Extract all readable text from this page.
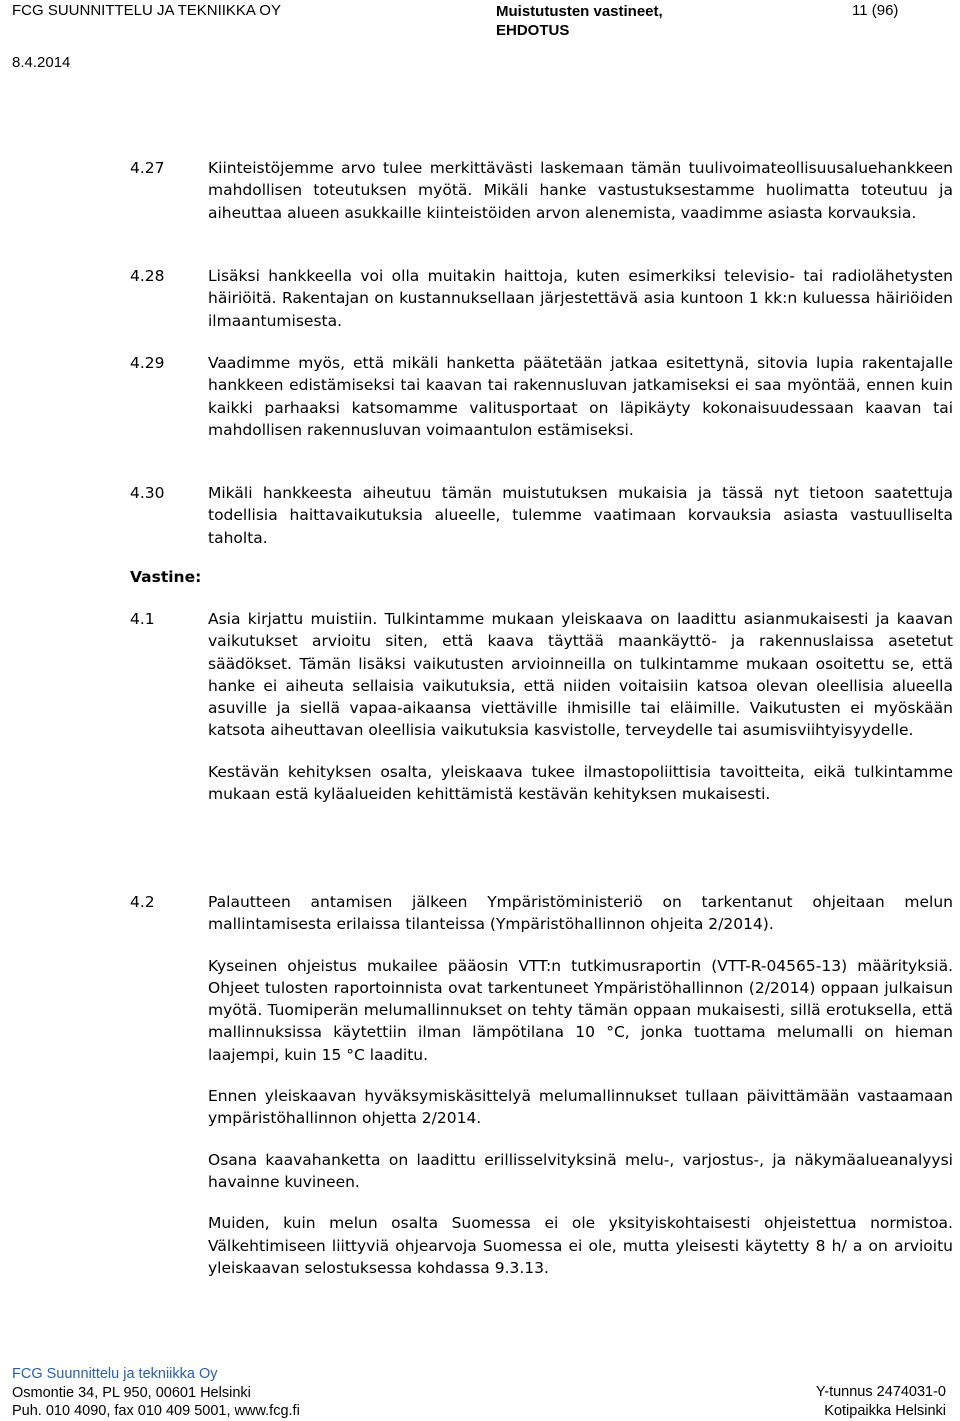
FCG SUUNNITTELU JA TEKNIIKKA OY	Muistutusten vastineet,
EHDOTUS
11 (96)
8.4.2014
4.27	Kiinteistöjemme arvo tulee merkittävästi laskemaan tämän tuulivoimateollisuusaluehankkeen mahdollisen toteutuksen myötä. Mikäli hanke vastustuksestamme huolimatta toteutuu ja aiheuttaa alueen asukkaille kiinteistöiden arvon alenemista, vaadimme asiasta korvauksia.

4.28	Lisäksi hankkeella voi olla muitakin haittoja, kuten esimerkiksi televisio- tai radiolähetysten häiriöitä. Rakentajan on kustannuksellaan järjestettävä asia kuntoon 1 kk:n kuluessa häiriöiden ilmaantumisesta.

4.29	Vaadimme myös, että mikäli hanketta päätetään jatkaa esitettynä, sitovia lupia rakentajalle hankkeen edistämiseksi tai kaavan tai rakennusluvan jatkamiseksi ei saa myöntää, ennen kuin kaikki parhaaksi katsomamme valitusportaat on läpikäyty kokonaisuudessaan kaavan tai mahdollisen rakennusluvan voimaantulon estämiseksi.

4.30	Mikäli hankkeesta aiheutuu tämän muistutuksen mukaisia ja tässä nyt tietoon saatettuja todellisia haittavaikutuksia alueelle, tulemme vaatimaan korvauksia asiasta vastuulliselta taholta.

Vastine:
4.1	Asia kirjattu muistiin. Tulkintamme mukaan yleiskaava on laadittu asianmukaisesti ja kaavan vaikutukset arvioitu siten, että kaava täyttää maankäyttö- ja rakennuslaissa asetetut säädökset. Tämän lisäksi vaikutusten arvioinneilla on tulkintamme mukaan osoitettu se, että hanke ei aiheuta sellaisia vaikutuksia, että niiden voitaisiin katsoa olevan oleellisia alueella asuville ja siellä vapaa-aikaansa viettäville ihmisille tai eläimille. Vaikutusten ei myöskään katsota aiheuttavan oleellisia vaikutuksia kasvistolle, terveydelle tai asumisviihtyisyydelle.

Kestävän kehityksen osalta, yleiskaava tukee ilmastopoliittisia tavoitteita, eikä tulkintamme mukaan estä kyläalueiden kehittämistä kestävän kehityksen mukaisesti.

4.2	Palautteen antamisen jälkeen Ympäristöministeriö on tarkentanut ohjeitaan melun mallintamisesta erilaissa tilanteissa (Ympäristöhallinnon ohjeita 2/2014).

Kyseinen ohjeistus mukailee pääosin VTT:n tutkimusraportin (VTT-R-04565-13) määrityksiä. Ohjeet tulosten raportoinnista ovat tarkentuneet Ympäristöhallinnon (2/2014) oppaan julkaisun myötä. Tuomiperän melumallinnukset on tehty tämän oppaan mukaisesti, sillä erotuksella, että mallinnuksissa käytettiin ilman lämpötilana 10 °C, jonka tuottama melumalli on hieman laajempi, kuin 15 °C laaditu.

Ennen yleiskaavan hyväksymiskäsittelyä melumallinnukset tullaan päivittämään vastaamaan ympäristöhallinnon ohjetta 2/2014.

Osana kaavahanketta on laadittu erillisselvityksinä melu-, varjostus-, ja näkymäalueanalyysi havainne kuvineen.

Muiden, kuin melun osalta Suomessa ei ole yksityiskohtaisesti ohjeistettua normistoa. Välkehtimiseen liittyviä ohjearvoja Suomessa ei ole, mutta yleisesti käytetty 8 h/ a on arvioitu yleiskaavan selostuksessa kohdassa 9.3.13.

FCG Suunnittelu ja tekniikka Oy
Osmontie 34, PL 950, 00601 Helsinki
Puh. 010 4090, fax 010 409 5001, www.fcg.fi
Y-tunnus 2474031-0
Kotipaikka Helsinki
